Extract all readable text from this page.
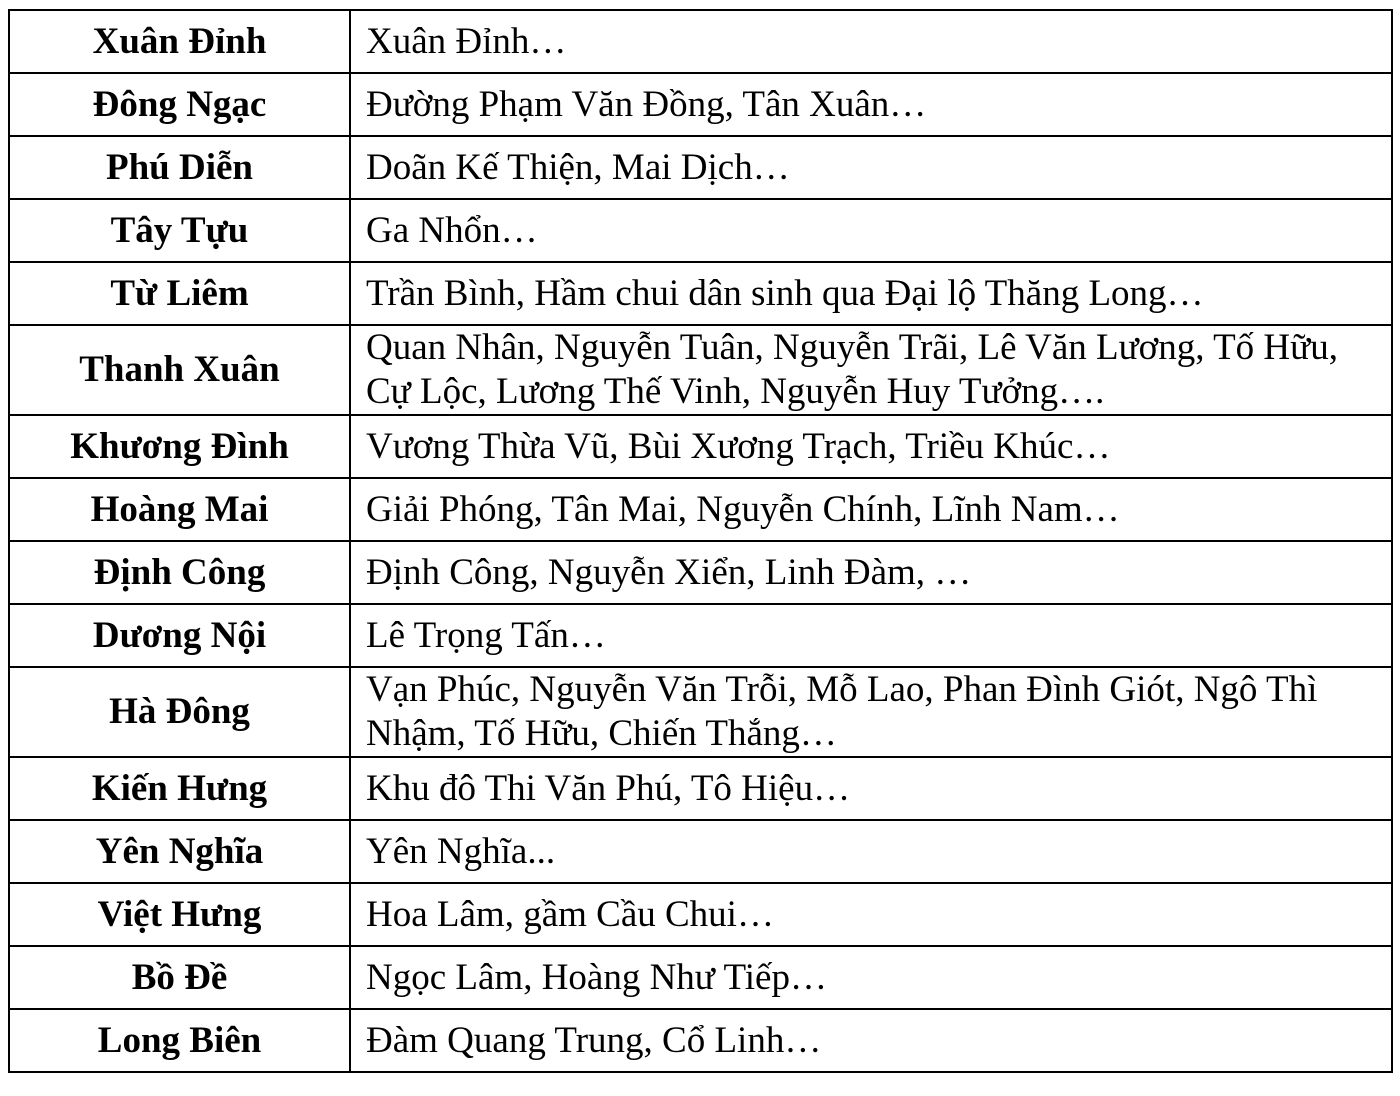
Xuân Đỉnh	Xuân Đỉnh…
Đông Ngạc	Đường Phạm Văn Đồng, Tân Xuân…
Phú Diễn	Doãn Kế Thiện, Mai Dịch…
Tây Tựu	Ga Nhổn…
Từ Liêm	Trần Bình, Hầm chui dân sinh qua Đại lộ Thăng Long…
Thanh Xuân	Quan Nhân, Nguyễn Tuân, Nguyễn Trãi, Lê Văn Lương, Tố Hữu, Cự Lộc, Lương Thế Vinh, Nguyễn Huy Tưởng….
Khương Đình	Vương Thừa Vũ, Bùi Xương Trạch, Triều Khúc…
Hoàng Mai	Giải Phóng, Tân Mai, Nguyễn Chính, Lĩnh Nam…
Định Công	Định Công, Nguyễn Xiển, Linh Đàm, …
Dương Nội	Lê Trọng Tấn…
Hà Đông	Vạn Phúc, Nguyễn Văn Trỗi, Mỗ Lao, Phan Đình Giót, Ngô Thì Nhậm, Tố Hữu, Chiến Thắng…
Kiến Hưng	Khu đô Thi Văn Phú, Tô Hiệu…
Yên Nghĩa	Yên Nghĩa...
Việt Hưng	Hoa Lâm, gầm Cầu Chui…
Bồ Đề	Ngọc Lâm, Hoàng Như Tiếp…
Long Biên	Đàm Quang Trung, Cổ Linh…
